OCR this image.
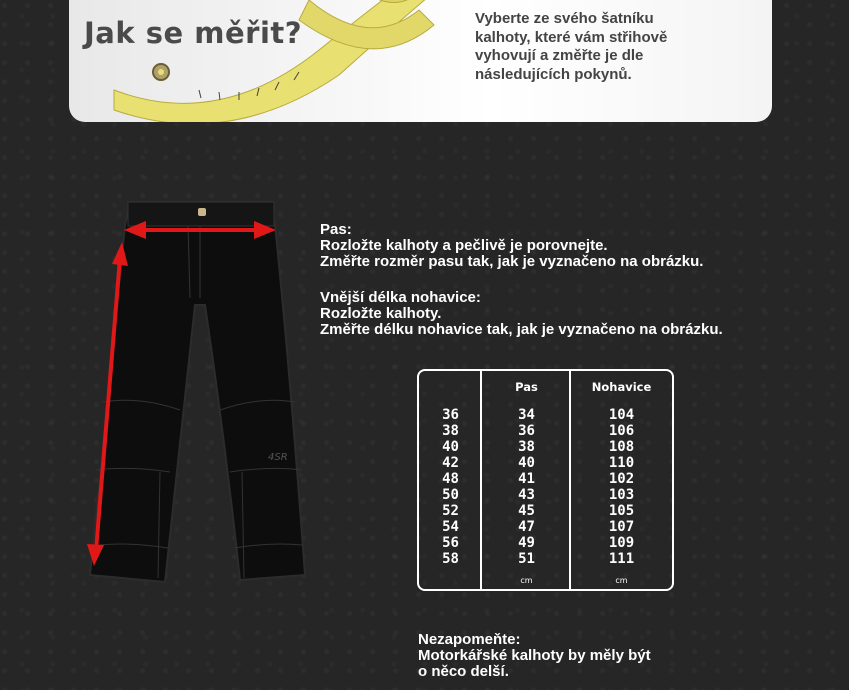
Jak se měřit?	Vyberte ze svého šatníku kalhoty, které vám střihově vyhovují a změřte je dle následujících pokynů.
4SR

Pas:

Rozložte kalhoty a pečlivě je porovnejte.

Změřte rozměr pasu tak, jak je vyznačeno na obrázku.

Vnější délka nohavice:

Rozložte kalhoty.

Změřte délku nohavice tak, jak je vyznačeno na obrázku.

36
38
40
42
48
50
52
54
56
58
Pas
34
36
38
40
41
43
45
47
49
51
cm
Nohavice
104
106
108
110
102
103
105
107
109
111
cm

Nezapomeňte:

Motorkářské kalhoty by měly být

o něco delší.
